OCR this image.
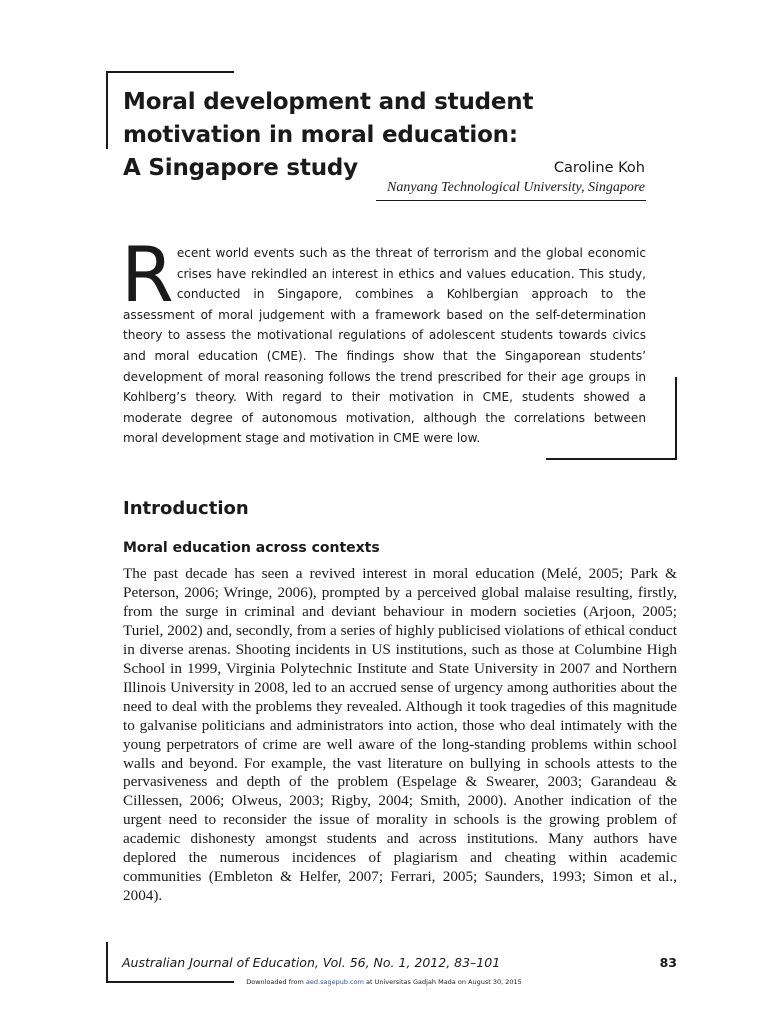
Moral development and student
motivation in moral education:
A Singapore study	Caroline Koh
Nanyang Technological University, Singapore

Recent world events such as the threat of terrorism and the global economic crises have rekindled an interest in ethics and values education. This study, conducted in Singapore, combines a Kohlbergian approach to the assessment of moral judgement with a framework based on the self-determination theory to assess the motivational regulations of adolescent students towards civics and moral education (CME). The findings show that the Singaporean students’ development of moral reasoning follows the trend prescribed for their age groups in Kohlberg’s theory. With regard to their motivation in CME, students showed a moderate degree of autonomous motivation, although the correlations between moral development stage and motivation in CME were low.

Introduction
Moral education across contexts

The past decade has seen a revived interest in moral education (Melé, 2005; Park & Peterson, 2006; Wringe, 2006), prompted by a perceived global malaise resulting, firstly, from the surge in criminal and deviant behaviour in modern societies (Arjoon, 2005; Turiel, 2002) and, secondly, from a series of highly publicised violations of ethical conduct in diverse arenas. Shooting incidents in US institutions, such as those at Columbine High School in 1999, Virginia Polytechnic Institute and State University in 2007 and Northern Illinois University in 2008, led to an accrued sense of urgency among authorities about the need to deal with the problems they revealed. Although it took tragedies of this magnitude to galvanise politicians and administrators into action, those who deal intimately with the young perpetrators of crime are well aware of the long-standing problems within school walls and beyond. For example, the vast literature on bullying in schools attests to the pervasiveness and depth of the problem (Espelage & Swearer, 2003; Garandeau & Cillessen, 2006; Olweus, 2003; Rigby, 2004; Smith, 2000). Another indication of the urgent need to reconsider the issue of morality in schools is the growing problem of academic dishonesty amongst students and across institutions. Many authors have deplored the numerous incidences of plagiarism and cheating within academic communities (Embleton & Helfer, 2007; Ferrari, 2005; Saunders, 1993; Simon et al., 2004).

Australian Journal of Education, Vol. 56, No. 1, 2012, 83–101	83
Downloaded from aed.sagepub.com at Universitas Gadjah Mada on August 30, 2015
